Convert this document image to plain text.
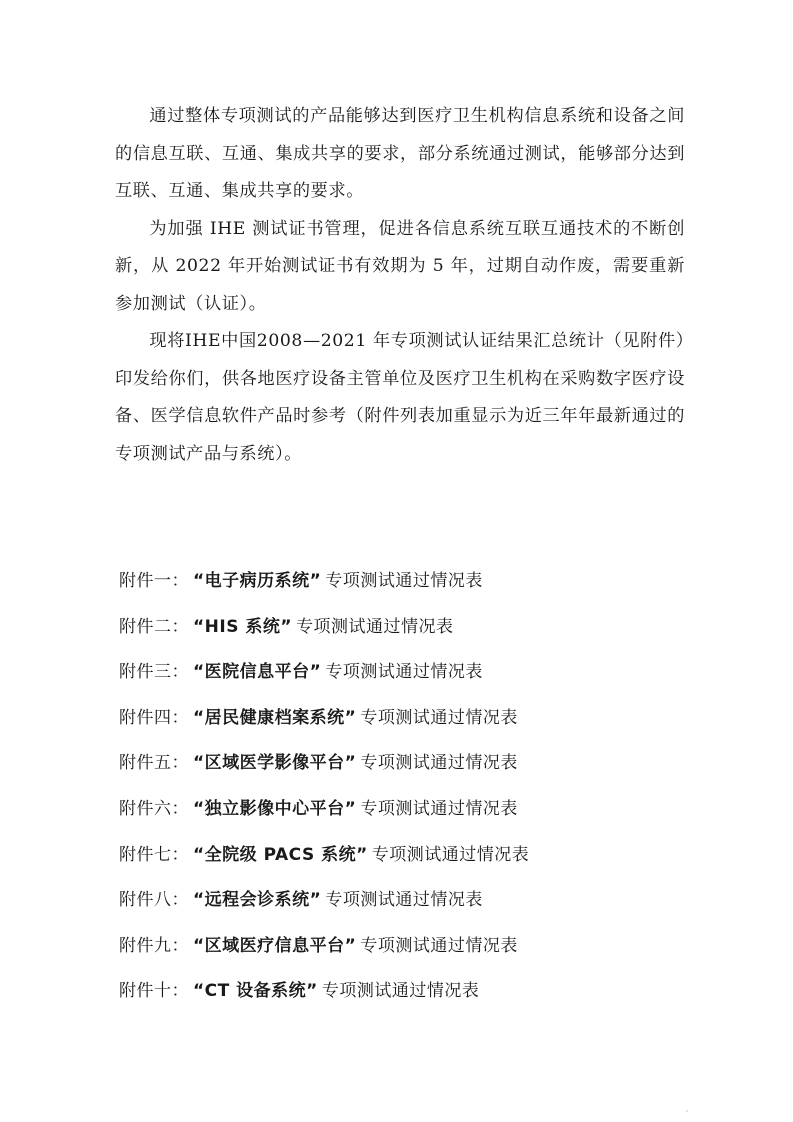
通过整体专项测试的产品能够达到医疗卫生机构信息系统和设备之间的信息互联、互通、集成共享的要求，部分系统通过测试，能够部分达到互联、互通、集成共享的要求。

为加强 IHE 测试证书管理，促进各信息系统互联互通技术的不断创新，从 2022 年开始测试证书有效期为 5 年，过期自动作废，需要重新参加测试（认证）。

现将IHE中国2008—2021 年专项测试认证结果汇总统计（见附件）印发给你们，供各地医疗设备主管单位及医疗卫生机构在采购数字医疗设备、医学信息软件产品时参考（附件列表加重显示为近三年年最新通过的专项测试产品与系统）。

附件一： “电子病历系统” 专项测试通过情况表
附件二： “HIS 系统” 专项测试通过情况表
附件三： “医院信息平台” 专项测试通过情况表
附件四： “居民健康档案系统” 专项测试通过情况表
附件五： “区域医学影像平台” 专项测试通过情况表
附件六： “独立影像中心平台” 专项测试通过情况表
附件七： “全院级 PACS 系统” 专项测试通过情况表
附件八： “远程会诊系统” 专项测试通过情况表
附件九： “区域医疗信息平台” 专项测试通过情况表
附件十： “CT 设备系统” 专项测试通过情况表
